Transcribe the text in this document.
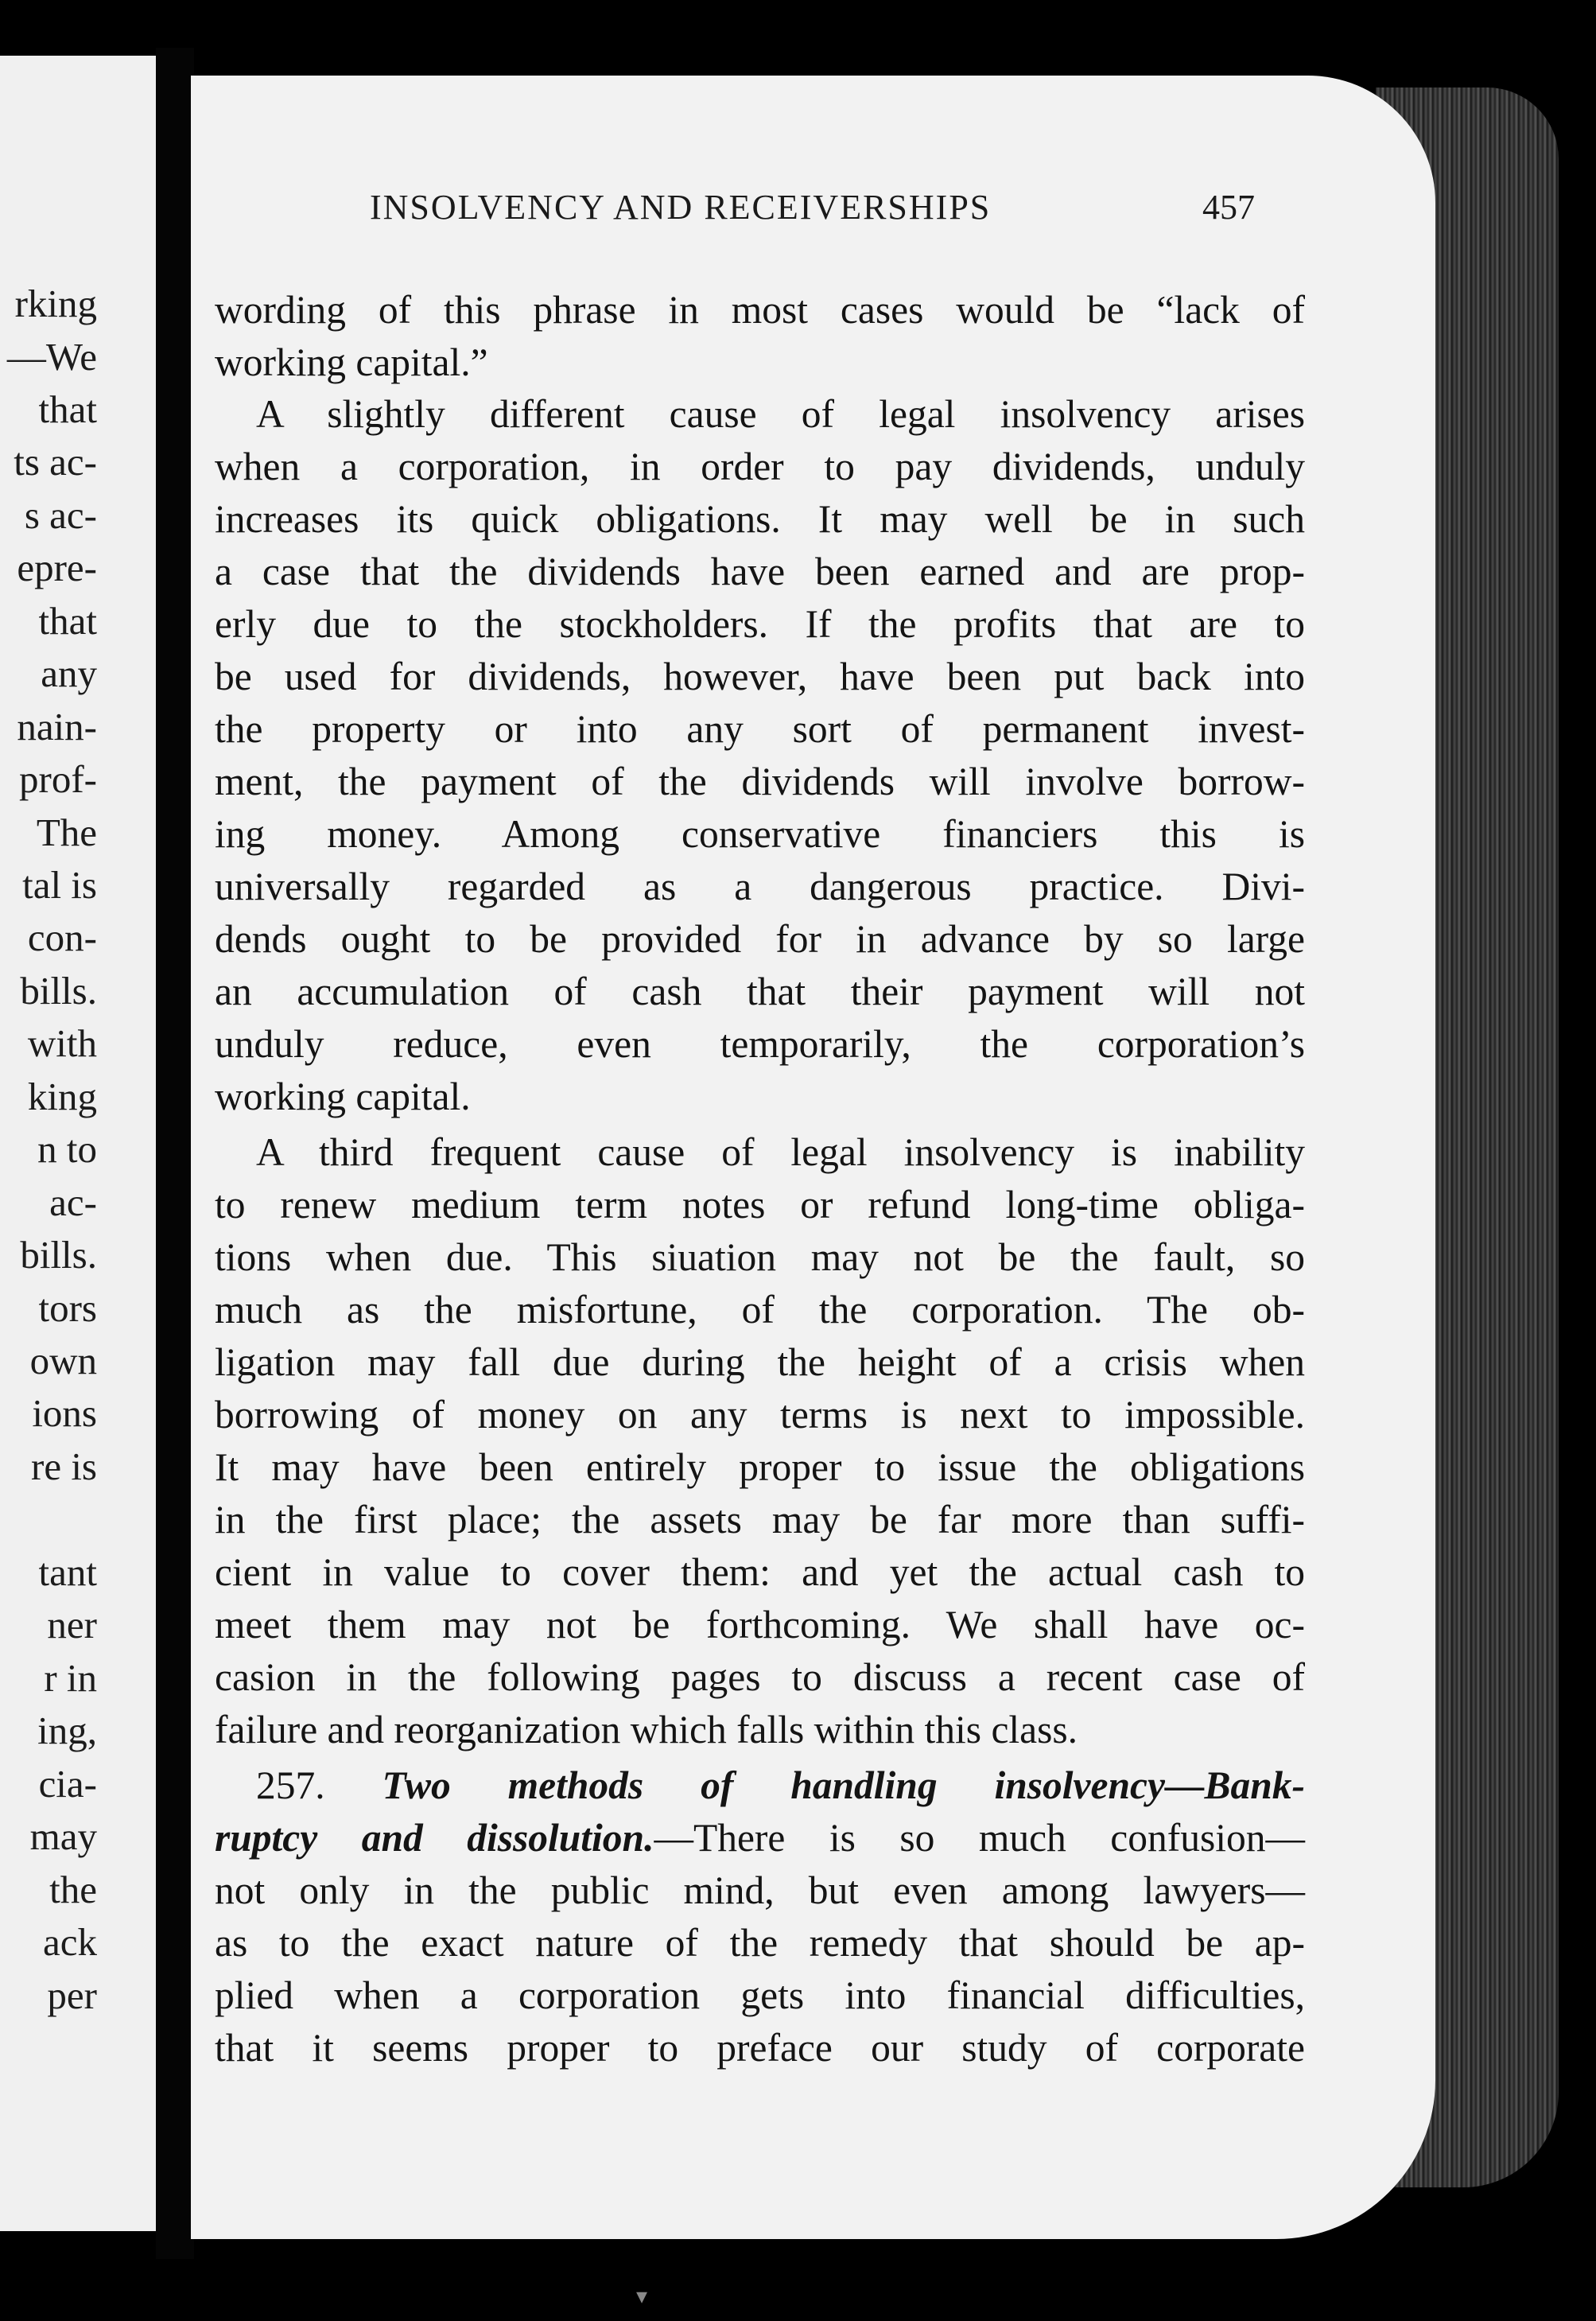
rking
—We
that
ts ac-
s ac-
epre-
that
any
nain-
prof-
The
tal is
con-
bills.
with
king
n to
ac-
bills.
tors
own
ions
re is
tant
ner
r in
ing,
cia-
may
the
ack
per
INSOLVENCY AND RECEIVERSHIPS	457
wording of this phrase in most cases would be “lack of
working capital.”
A slightly different cause of legal insolvency arises
when a corporation, in order to pay dividends, unduly
increases its quick obligations. It may well be in such
a case that the dividends have been earned and are prop-
erly due to the stockholders. If the profits that are to
be used for dividends, however, have been put back into
the property or into any sort of permanent invest-
ment, the payment of the dividends will involve borrow-
ing money. Among conservative financiers this is
universally regarded as a dangerous practice. Divi-
dends ought to be provided for in advance by so large
an accumulation of cash that their payment will not
unduly reduce, even temporarily, the corporation’s
working capital.
A third frequent cause of legal insolvency is inability
to renew medium term notes or refund long-time obliga-
tions when due. This siuation may not be the fault, so
much as the misfortune, of the corporation. The ob-
ligation may fall due during the height of a crisis when
borrowing of money on any terms is next to impossible.
It may have been entirely proper to issue the obligations
in the first place; the assets may be far more than suffi-
cient in value to cover them: and yet the actual cash to
meet them may not be forthcoming. We shall have oc-
casion in the following pages to discuss a recent case of
failure and reorganization which falls within this class.
257. Two methods of handling insolvency—Bank-
ruptcy and dissolution.—There is so much confusion—
not only in the public mind, but even among lawyers—
as to the exact nature of the remedy that should be ap-
plied when a corporation gets into financial difficulties,
that it seems proper to preface our study of corporate
▾
